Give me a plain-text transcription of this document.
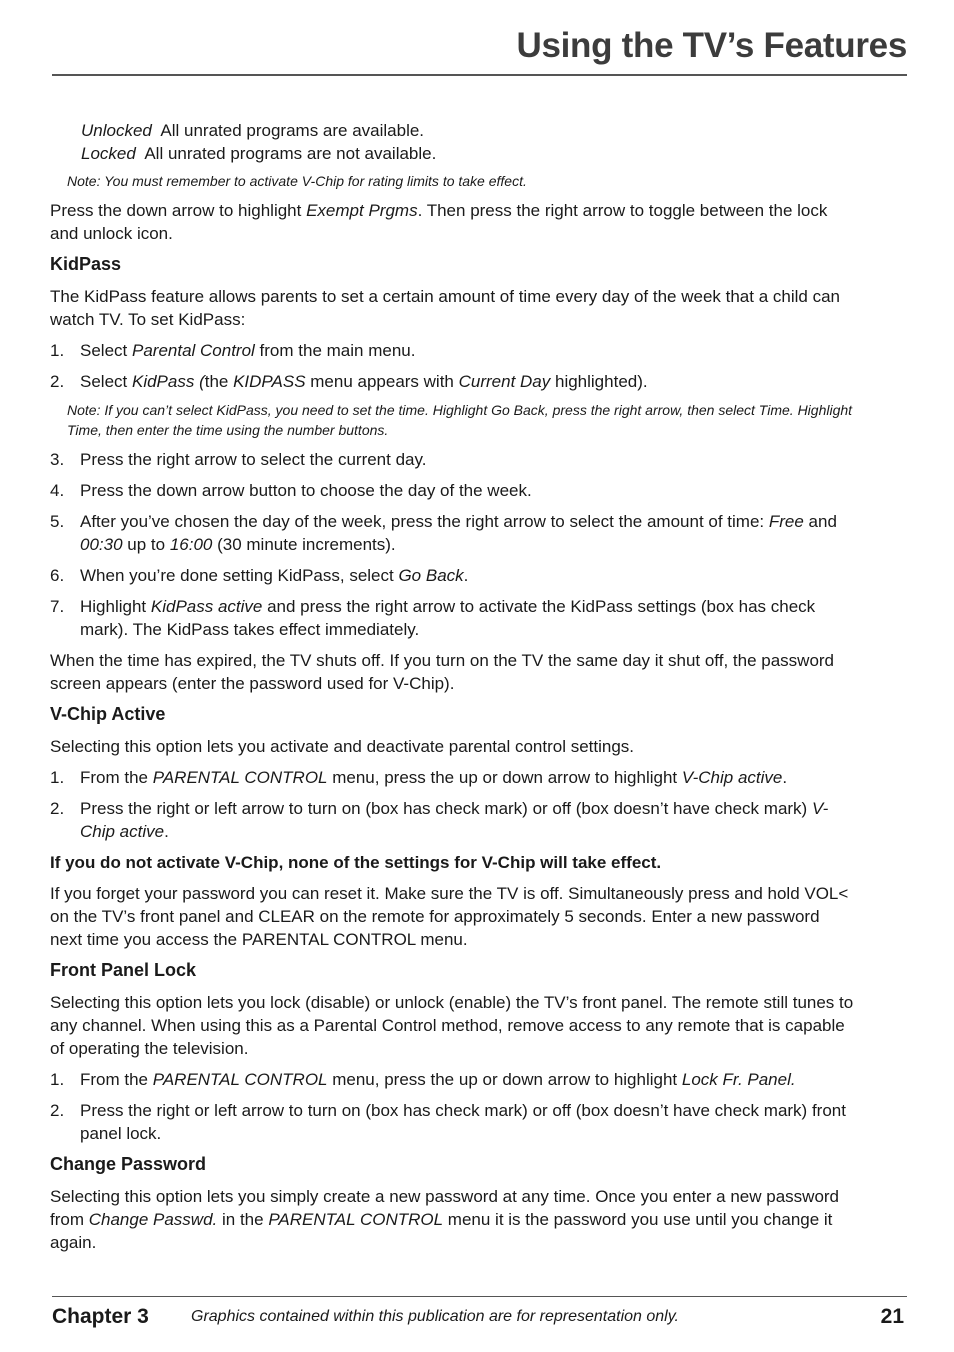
Using the TV’s Features

Unlocked All unrated programs are available.

Locked All unrated programs are not available.

Note: You must remember to activate V-Chip for rating limits to take effect.

Press the down arrow to highlight Exempt Prgms. Then press the right arrow to toggle between the lock and unlock icon.

KidPass

The KidPass feature allows parents to set a certain amount of time every day of the week that a child can watch TV. To set KidPass:

1. Select Parental Control from the main menu.
2. Select KidPass (the KIDPASS menu appears with Current Day highlighted).

Note: If you can’t select KidPass, you need to set the time. Highlight Go Back, press the right arrow, then select Time. Highlight Time, then enter the time using the number buttons.

3. Press the right arrow to select the current day.
4. Press the down arrow button to choose the day of the week.
5. After you’ve chosen the day of the week, press the right arrow to select the amount of time: Free and 00:30 up to 16:00 (30 minute increments).
6. When you’re done setting KidPass, select Go Back.
7. Highlight KidPass active and press the right arrow to activate the KidPass settings (box has check mark). The KidPass takes effect immediately.

When the time has expired, the TV shuts off. If you turn on the TV the same day it shut off, the password screen appears (enter the password used for V-Chip).

V-Chip Active

Selecting this option lets you activate and deactivate parental control settings.

1. From the PARENTAL CONTROL menu, press the up or down arrow to highlight V-Chip active.
2. Press the right or left arrow to turn on (box has check mark) or off (box doesn’t have check mark) V-Chip active.

If you do not activate V-Chip, none of the settings for V-Chip will take effect.

If you forget your password you can reset it. Make sure the TV is off. Simultaneously press and hold VOL< on the TV’s front panel and CLEAR on the remote for approximately 5 seconds. Enter a new password next time you access the PARENTAL CONTROL menu.

Front Panel Lock

Selecting this option lets you lock (disable) or unlock (enable) the TV’s front panel. The remote still tunes to any channel. When using this as a Parental Control method, remove access to any remote that is capable of operating the television.

1. From the PARENTAL CONTROL menu, press the up or down arrow to highlight Lock Fr. Panel.
2. Press the right or left arrow to turn on (box has check mark) or off (box doesn’t have check mark) front panel lock.
Change Password

Selecting this option lets you simply create a new password at any time. Once you enter a new password from Change Passwd. in the PARENTAL CONTROL menu it is the password you use until you change it again.

Chapter 3	Graphics contained within this publication are for representation only.	21
